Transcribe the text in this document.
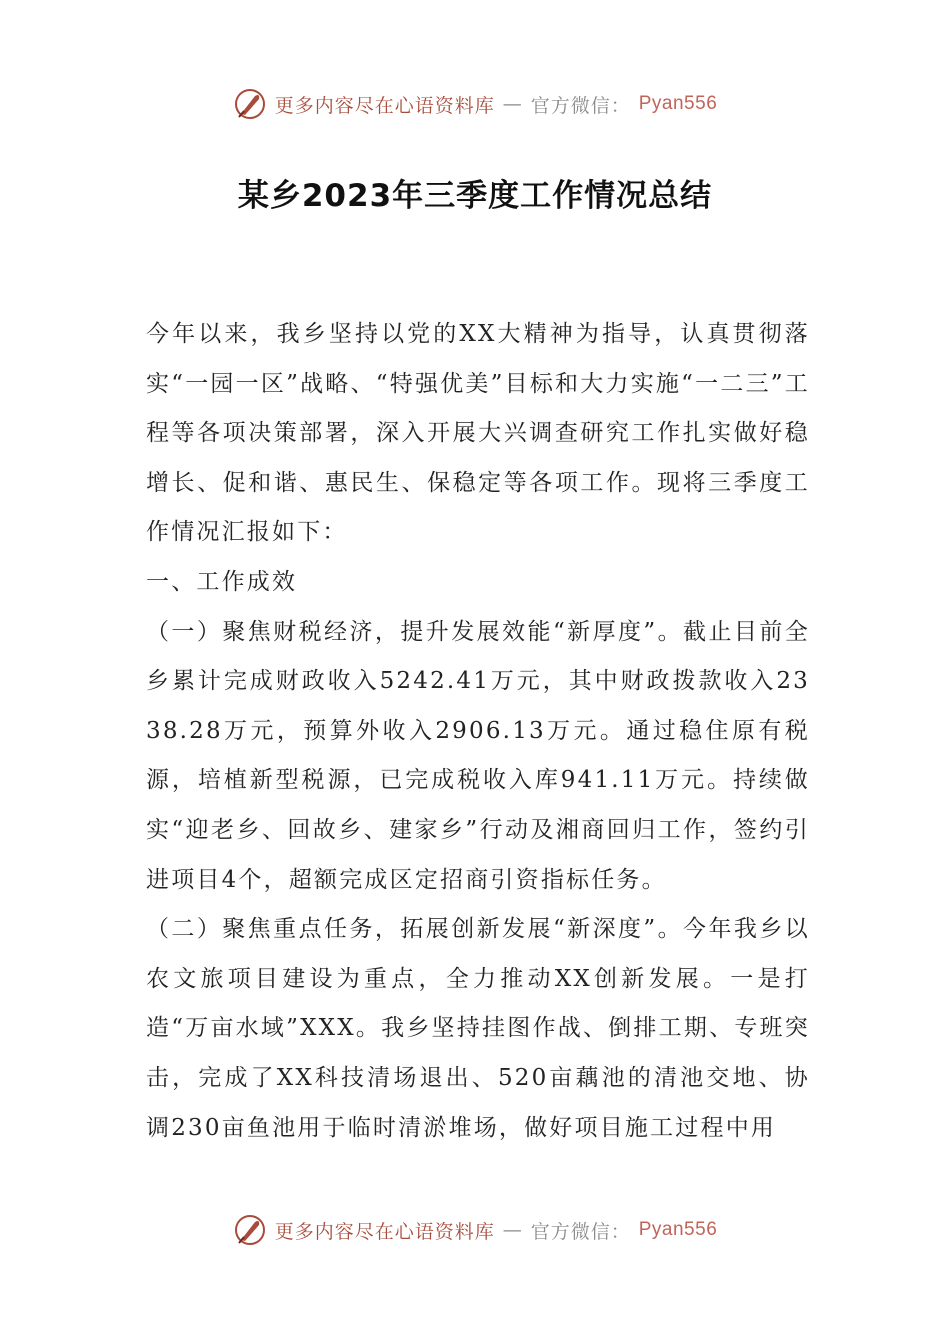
更多内容尽在心语资料库 — 官方微信： Pyan556
某乡2023年三季度工作情况总结

今年以来，我乡坚持以党的XX大精神为指导，认真贯彻落实“一园一区”战略、“特强优美”目标和大力实施“一二三”工程等各项决策部署，深入开展大兴调查研究工作扎实做好稳增长、促和谐、惠民生、保稳定等各项工作。现将三季度工作情况汇报如下：

一、工作成效

（一）聚焦财税经济，提升发展效能“新厚度”。截止目前全乡累计完成财政收入5242.41万元，其中财政拨款收入2338.28万元，预算外收入2906.13万元。通过稳住原有税源，培植新型税源，已完成税收入库941.11万元。持续做实“迎老乡、回故乡、建家乡”行动及湘商回归工作，签约引进项目4个，超额完成区定招商引资指标任务。

（二）聚焦重点任务，拓展创新发展“新深度”。今年我乡以农文旅项目建设为重点，全力推动XX创新发展。一是打造“万亩水域”XXX。我乡坚持挂图作战、倒排工期、专班突击，完成了XX科技清场退出、520亩藕池的清池交地、协调230亩鱼池用于临时清淤堆场，做好项目施工过程中用

更多内容尽在心语资料库 — 官方微信： Pyan556
